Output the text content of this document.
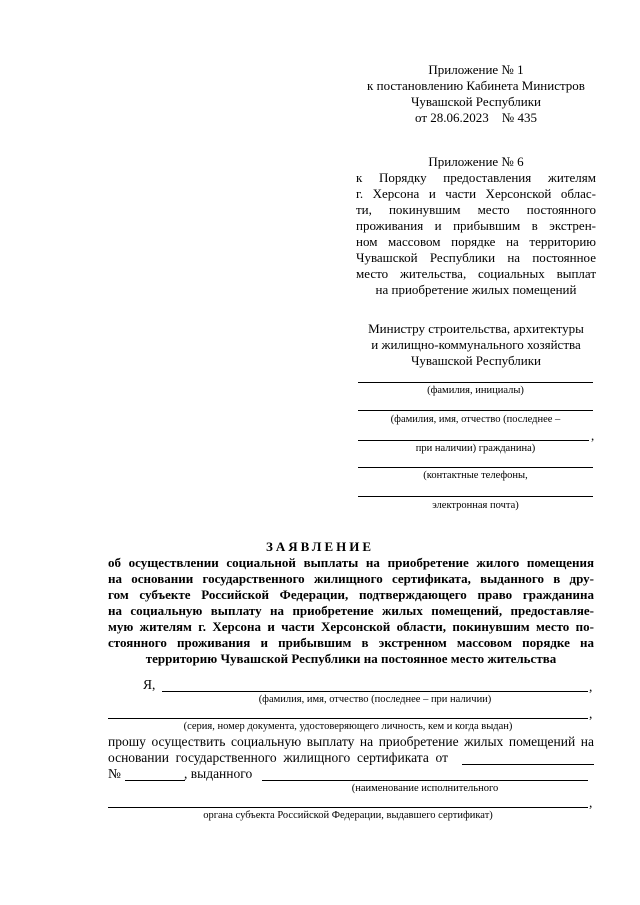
Приложение № 1
к постановлению Кабинета Министров
Чувашской Республики
от 28.06.2023    № 435
Приложение № 6
к Порядку предоставления жителям
г. Херсона и части Херсонской облас-
ти, покинувшим место постоянного
проживания и прибывшим в экстрен-
ном массовом порядке на территорию
Чувашской Республики на постоянное
место жительства, социальных выплат
на приобретение жилых помещений
Министру строительства, архитектуры
и жилищно-коммунального хозяйства
Чувашской Республики
(фамилия, инициалы)
(фамилия, имя, отчество (последнее –
,
при наличии) гражданина)
(контактные телефоны,
электронная почта)
ЗАЯВЛЕНИЕ
об осуществлении социальной выплаты на приобретение жилого помещения
на основании государственного жилищного сертификата, выданного в дру-
гом субъекте Российской Федерации, подтверждающего право гражданина
на социальную выплату на приобретение жилых помещений, предоставляе-
мую жителям г. Херсона и части Херсонской области, покинувшим место по-
стоянного проживания и прибывшим в экстренном массовом порядке на
территорию Чувашской Республики на постоянное место жительства
Я,	,
(фамилия, имя, отчество (последнее – при наличии)
,
(серия, номер документа, удостоверяющего личность, кем и когда выдан)
прошу осуществить социальную выплату на приобретение жилых помещений на
основании  государственного  жилищного  сертификата  от
№	, выданного
(наименование исполнительного
,
органа субъекта Российской Федерации, выдавшего сертификат)
